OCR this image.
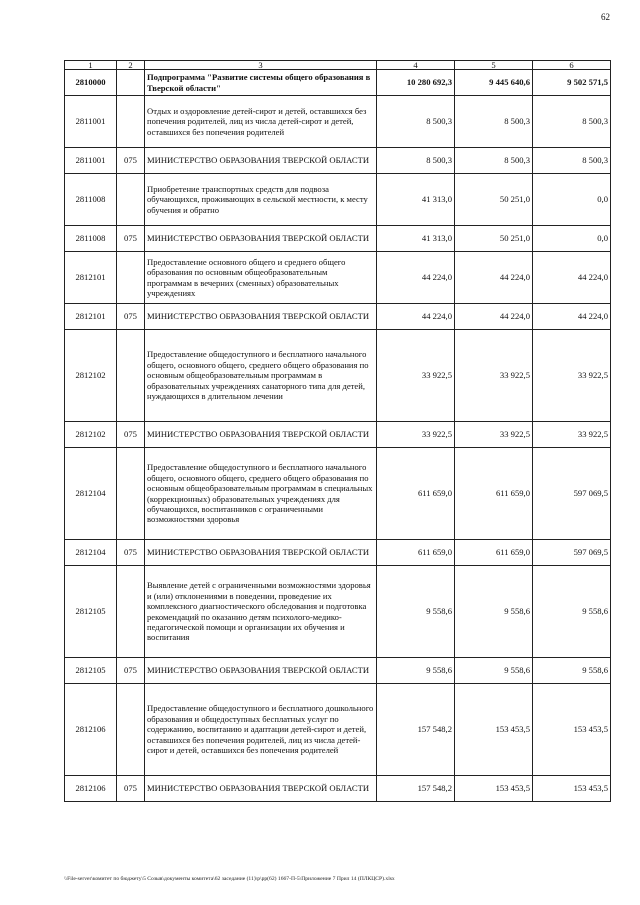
62
1	2	3	4	5	6
2810000		Подпрограмма "Развитие системы общего образования в Тверской области"	10 280 692,3	9 445 640,6	9 502 571,5
2811001		Отдых и оздоровление детей-сирот и детей, оставшихся без попечения родителей, лиц из числа детей-сирот и детей, оставшихся без попечения родителей	8 500,3	8 500,3	8 500,3
2811001	075	МИНИСТЕРСТВО ОБРАЗОВАНИЯ ТВЕРСКОЙ ОБЛАСТИ	8 500,3	8 500,3	8 500,3
2811008		Приобретение транспортных средств для подвоза обучающихся, проживающих в сельской местности, к месту обучения и обратно	41 313,0	50 251,0	0,0
2811008	075	МИНИСТЕРСТВО ОБРАЗОВАНИЯ ТВЕРСКОЙ ОБЛАСТИ	41 313,0	50 251,0	0,0
2812101		Предоставление основного общего и среднего общего образования по основным общеобразовательным программам в вечерних (сменных) образовательных учреждениях	44 224,0	44 224,0	44 224,0
2812101	075	МИНИСТЕРСТВО ОБРАЗОВАНИЯ ТВЕРСКОЙ ОБЛАСТИ	44 224,0	44 224,0	44 224,0
2812102		Предоставление общедоступного и бесплатного начального общего, основного общего, среднего общего образования по основным общеобразовательным программам в образовательных учреждениях санаторного типа для детей, нуждающихся в длительном лечении	33 922,5	33 922,5	33 922,5
2812102	075	МИНИСТЕРСТВО ОБРАЗОВАНИЯ ТВЕРСКОЙ ОБЛАСТИ	33 922,5	33 922,5	33 922,5
2812104		Предоставление общедоступного и бесплатного начального общего, основного общего, среднего общего образования по основным общеобразовательным программам в специальных (коррекционных) образовательных учреждениях для обучающихся, воспитанников с ограниченными возможностями здоровья	611 659,0	611 659,0	597 069,5
2812104	075	МИНИСТЕРСТВО ОБРАЗОВАНИЯ ТВЕРСКОЙ ОБЛАСТИ	611 659,0	611 659,0	597 069,5
2812105		Выявление детей с ограниченными возможностями здоровья и (или) отклонениями в поведении, проведение их комплексного диагностического обследования и подготовка рекомендаций по оказанию детям психолого-медико-педагогической помощи и организации их обучения и воспитания	9 558,6	9 558,6	9 558,6
2812105	075	МИНИСТЕРСТВО ОБРАЗОВАНИЯ ТВЕРСКОЙ ОБЛАСТИ	9 558,6	9 558,6	9 558,6
2812106		Предоставление общедоступного и бесплатного дошкольного образования и общедоступных бесплатных услуг по содержанию, воспитанию и адаптации детей-сирот и детей, оставшихся без попечения родителей, лиц из числа детей-сирот и детей, оставшихся без попечения родителей	157 548,2	153 453,5	153 453,5
2812106	075	МИНИСТЕРСТВО ОБРАЗОВАНИЯ ТВЕРСКОЙ ОБЛАСТИ	157 548,2	153 453,5	153 453,5
\\File-server\комитет по бюджету\5 Созыв\документы комитета\62 заседание (11)\p\pp(62) 1667-П-5\Приложение 7 Прил 14 (ПЛКЦСР).xlsx
